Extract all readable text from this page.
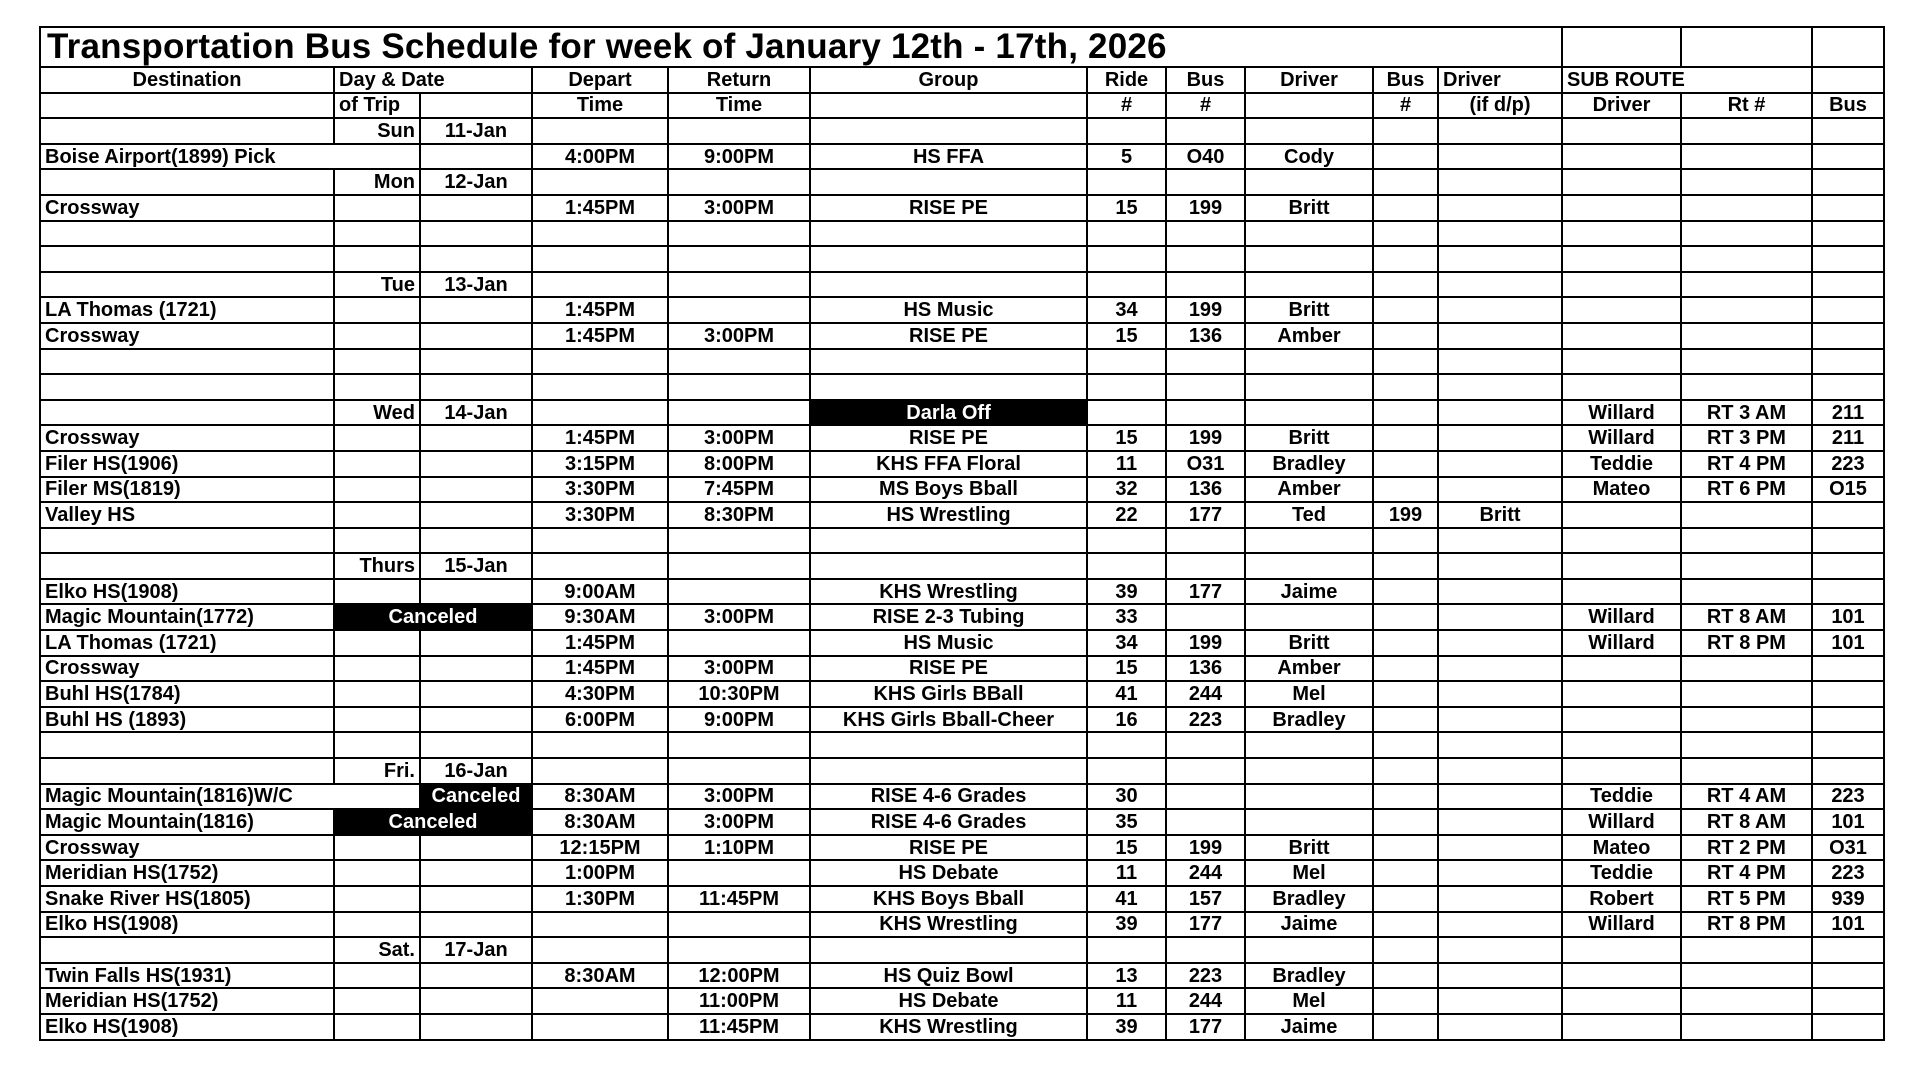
Transportation Bus Schedule for week of January 12th - 17th, 2026													
Destination	Day & Date		Depart	Return	Group	Ride	Bus	Driver	Bus	Driver	SUB ROUTE		
	of Trip		Time	Time		#	#		#	(if d/p)	Driver	Rt #	Bus
	Sun	11-Jan											
Boise Airport(1899) Pick			4:00PM	9:00PM	HS FFA	5	O40	Cody					
	Mon	12-Jan											
Crossway			1:45PM	3:00PM	RISE PE	15	199	Britt					

	Tue	13-Jan											
LA Thomas (1721)			1:45PM		HS Music	34	199	Britt					
Crossway			1:45PM	3:00PM	RISE PE	15	136	Amber					

	Wed	14-Jan			Darla Off						Willard	RT 3 AM	211
Crossway			1:45PM	3:00PM	RISE PE	15	199	Britt			Willard	RT 3 PM	211
Filer HS(1906)			3:15PM	8:00PM	KHS FFA Floral	11	O31	Bradley			Teddie	RT 4 PM	223
Filer MS(1819)			3:30PM	7:45PM	MS Boys Bball	32	136	Amber			Mateo	RT 6 PM	O15
Valley HS			3:30PM	8:30PM	HS Wrestling	22	177	Ted	199	Britt			

	Thurs	15-Jan											
Elko HS(1908)			9:00AM		KHS Wrestling	39	177	Jaime					
Magic Mountain(1772)	Canceled		9:30AM	3:00PM	RISE 2-3 Tubing	33					Willard	RT 8 AM	101
LA Thomas (1721)			1:45PM		HS Music	34	199	Britt			Willard	RT 8 PM	101
Crossway			1:45PM	3:00PM	RISE PE	15	136	Amber					
Buhl HS(1784)			4:30PM	10:30PM	KHS Girls BBall	41	244	Mel					
Buhl HS (1893)			6:00PM	9:00PM	KHS Girls Bball-Cheer	16	223	Bradley					

	Fri.	16-Jan											
Magic Mountain(1816)W/C		Canceled	8:30AM	3:00PM	RISE 4-6 Grades	30					Teddie	RT 4 AM	223
Magic Mountain(1816)	Canceled		8:30AM	3:00PM	RISE 4-6 Grades	35					Willard	RT 8 AM	101
Crossway			12:15PM	1:10PM	RISE PE	15	199	Britt			Mateo	RT 2 PM	O31
Meridian HS(1752)			1:00PM		HS Debate	11	244	Mel			Teddie	RT 4 PM	223
Snake River HS(1805)			1:30PM	11:45PM	KHS Boys Bball	41	157	Bradley			Robert	RT 5 PM	939
Elko HS(1908)					KHS Wrestling	39	177	Jaime			Willard	RT 8 PM	101
	Sat.	17-Jan											
Twin Falls HS(1931)			8:30AM	12:00PM	HS Quiz Bowl	13	223	Bradley					
Meridian HS(1752)				11:00PM	HS Debate	11	244	Mel					
Elko HS(1908)				11:45PM	KHS Wrestling	39	177	Jaime					
